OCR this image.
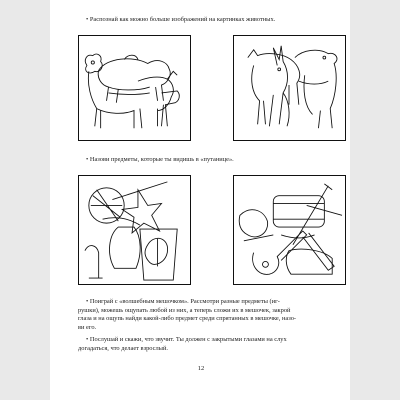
• Распознай как можно больше изображений на картинках животных.
• Назови предметы, которые ты видишь в «путанице».
• Поиграй с «волшебным мешочком». Рассмотри разные предметы (иг-
рушки), можешь ощупать любой из них, а теперь сложи их в мешочек, закрой
глаза и на ощупь найди какой-либо предмет среди спрятанных в мешочке, назо-
ви его.
• Послушай и скажи, что звучит. Ты должен с закрытыми глазами на слух
догадаться, что делает взрослый.
12
